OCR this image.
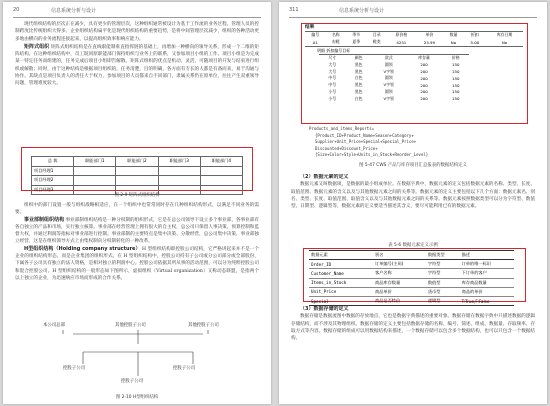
20	信息系统分析与设计

现代组织结构的层次正在减少，具有更少的管理层次，这种组织通常被设计为基于工作流的业务过程，管理人员的控制跨度比传统组织大得多。企业组织结构扁平化是现代组织结构的重要趋势，是将中间管理层次减少，组织的各种活动更多地由横向的业务流程连接起来，以提高组织效率和响应能力。

矩阵式组织 矩阵式组织结构是在直线职能制垂直指挥链的基础上，再增加一种横向的领导关系，形成一个二维的矩阵结构。在这种组织结构中，员工既同原职能部门保持组织与业务上的联系，又参加项目小组的工作。项目小组是为完成某一特定任务而组建的，任务完成后项目小组即告解散。矩阵式组织的优点是机动、灵活，可随项目的开发与结束进行组织或解散；同时，由于这种结构是根据项目组织的，任务清楚，目的明确，各方面有专长的人都是有备而来，易于沟通与协作。其缺点是项目负责人的责任大于权力，参加项目的人员都来自不同部门，隶属关系仍在原单位，往往产生双重领导问题，管理难度较大。

总 裁	职能部门1	职能部门2	职能部门3	职能部门4
项目经理1				
项目经理2				
项目经理3				
图 2-9 矩阵式组织结构

组织中的部门设置一般与组织战略相适应，在一个组织中也常常同时存在几种组织结构形式，以满足不同业务的需要。

事业部制组织结构 事业部制组织结构是一种分权制的组织形式，它是在总公司领导下设立多个事业部，各事业部有各自独立的产品和市场，实行独立核算。事业部在经营管理上拥有很大的自主权，总公司只保留人事决策、预算控制和监督大权，并通过利润等指标对事业部进行控制。事业部制的主要特点是集中决策、分散经营，总公司集中决策，事业部独立经营，这是在组织领导方式上由集权制向分权制转化的一种改革。

H型组织结构（Holding company structure） H 型组织结构即控股公司结构，它严格讲起来并不是一个企业的组织结构形态，而是企业集团的组织形式。在 H 型组织结构中，控股公司持有子公司或分公司部分或全部股份，下属各子公司具有独立的法人资格，是相对独立的利润中心。控股公司依据其所从事的活动范围，可以分为纯粹控股公司和混合控股公司。H 型组织结构的一般形态如下图所示，虚拟组织（Virtual organization）又称动态联盟，是指两个以上独立的企业，为迅速响应市场而形成的合作关系。

本公司总部	其他控股子公司	其他控股子公司
控股子公司	控股子公司
控股子公司
图 2-10 H型组织结构
311	信息系统分析与设计
结果
编号	名称	季节	目录	原价格	单价	数量	折扣	库存日期
A1	布鞋	夏季	鞋类	4251	25.99	No	5.00	No
明细 折扣编号目标
尺寸	颜色	款式	库存量	价格
大号	黑色	圆领	200	150
大号	黑色	V字领	200	150
中号	白色	圆领	200	150
中号	黑色	V字领	200	150
小号	黑色	圆领	200	150
小号	白色	V字领	200	150
Products_and_items_Reports=
{Product_ID+Product_Name+Season+Category+
Supplier+Unit_Price+Special+Special_Price+
Discounted+Discount_Price+
{Size+Color+Style+Units_in_Stock+Reorder_Level}
图 5-47 CWS 产品与库存项目汇总报表的数据结构定义

（2）数据元素的定义

数据元素又叫数据项，是数据的最小组成单位。在数据字典中，数据元素的定义包括数据元素的名称、类型、长度、取值范围、数据元素的含义以及与其他数据元素之间的关系等。数据元素的定义主要包括以下几个方面：数据元素名、别名、类型、长度、取值范围、取值含义以及与其他数据元素之间的关系等。数据元素按照数据类型可以分为字符型、数值型、日期型、逻辑型等，数据元素的定义要适当描述其含义，要尽可能利用已有的数据元素。

表 5-6 数据元素定义示例
数据元素	别名	数据类型	描述
Order_ID	订单编号(主码)	字符型	订单的唯一标识
Customer_Name	客户名称	字符型	下订单的客户
Items_in_Stock	商品库存数量	数值型	库存商品数量
Unit_Price	商品单价	货币型	商品的单价
Special	商品是否特价	逻辑型	T:True,F:False

（3）数据存储的定义

数据存储是数据流图中数据的存放地点，它也是数据字典描述的重要对象。数据存储在数据字典中只描述数据的逻辑存储结构，而不涉及其物理组织。数据存储的定义主要包括数据存储的名称、编号、简述、组成、数据量、存取频率、存取方式等内容。数据存储的组成可以用数据结构来描述，一个数据存储可以包含多个数据结构，也可以只包含一个数据结构。
